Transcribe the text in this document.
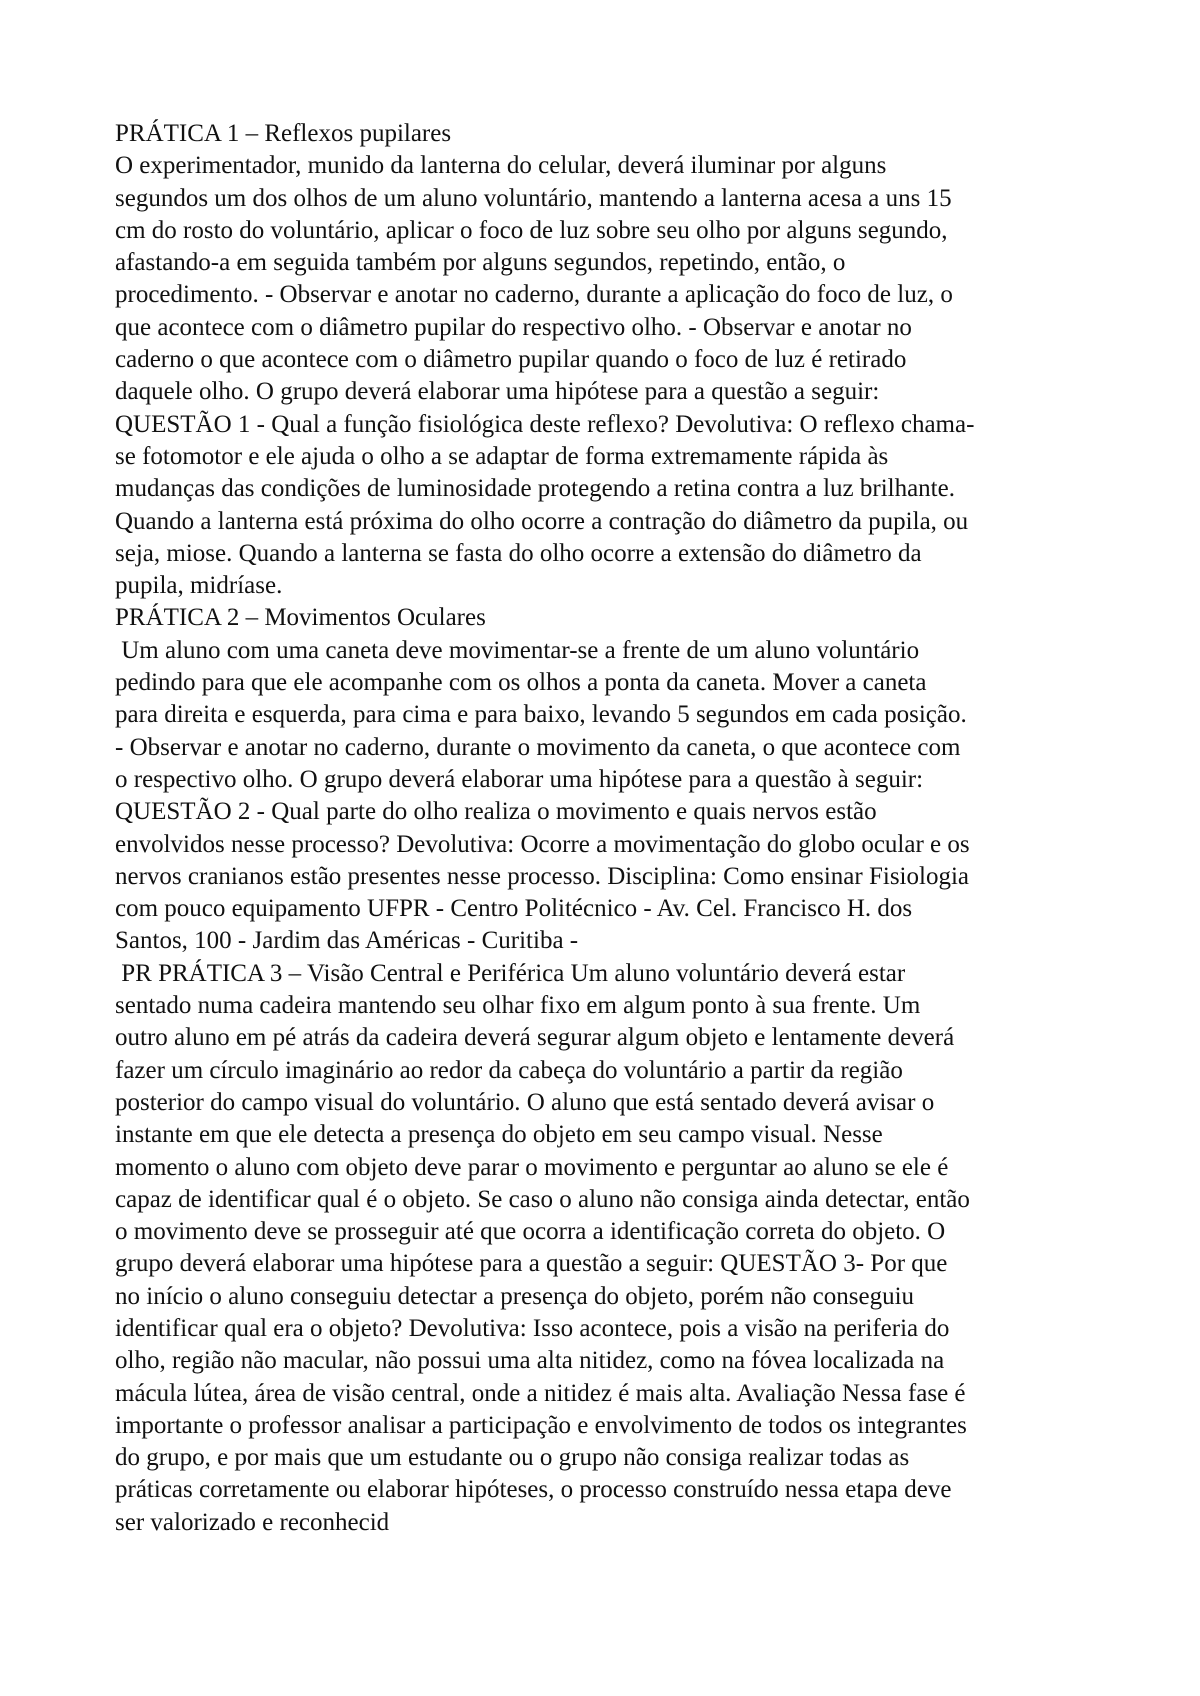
PRÁTICA 1 – Reflexos pupilares
O experimentador, munido da lanterna do celular, deverá iluminar por alguns
segundos um dos olhos de um aluno voluntário, mantendo a lanterna acesa a uns 15
cm do rosto do voluntário, aplicar o foco de luz sobre seu olho por alguns segundo,
afastando-a em seguida também por alguns segundos, repetindo, então, o
procedimento. - Observar e anotar no caderno, durante a aplicação do foco de luz, o
que acontece com o diâmetro pupilar do respectivo olho. - Observar e anotar no
caderno o que acontece com o diâmetro pupilar quando o foco de luz é retirado
daquele olho. O grupo deverá elaborar uma hipótese para a questão a seguir:
QUESTÃO 1 - Qual a função fisiológica deste reflexo? Devolutiva: O reflexo chama-
se fotomotor e ele ajuda o olho a se adaptar de forma extremamente rápida às
mudanças das condições de luminosidade protegendo a retina contra a luz brilhante.
Quando a lanterna está próxima do olho ocorre a contração do diâmetro da pupila, ou
seja, miose. Quando a lanterna se fasta do olho ocorre a extensão do diâmetro da
pupila, midríase.
PRÁTICA 2 – Movimentos Oculares
Um aluno com uma caneta deve movimentar-se a frente de um aluno voluntário
pedindo para que ele acompanhe com os olhos a ponta da caneta. Mover a caneta
para direita e esquerda, para cima e para baixo, levando 5 segundos em cada posição.
- Observar e anotar no caderno, durante o movimento da caneta, o que acontece com
o respectivo olho. O grupo deverá elaborar uma hipótese para a questão à seguir:
QUESTÃO 2 - Qual parte do olho realiza o movimento e quais nervos estão
envolvidos nesse processo? Devolutiva: Ocorre a movimentação do globo ocular e os
nervos cranianos estão presentes nesse processo. Disciplina: Como ensinar Fisiologia
com pouco equipamento UFPR - Centro Politécnico - Av. Cel. Francisco H. dos
Santos, 100 - Jardim das Américas - Curitiba -
PR PRÁTICA 3 – Visão Central e Periférica Um aluno voluntário deverá estar
sentado numa cadeira mantendo seu olhar fixo em algum ponto à sua frente. Um
outro aluno em pé atrás da cadeira deverá segurar algum objeto e lentamente deverá
fazer um círculo imaginário ao redor da cabeça do voluntário a partir da região
posterior do campo visual do voluntário. O aluno que está sentado deverá avisar o
instante em que ele detecta a presença do objeto em seu campo visual. Nesse
momento o aluno com objeto deve parar o movimento e perguntar ao aluno se ele é
capaz de identificar qual é o objeto. Se caso o aluno não consiga ainda detectar, então
o movimento deve se prosseguir até que ocorra a identificação correta do objeto. O
grupo deverá elaborar uma hipótese para a questão a seguir: QUESTÃO 3- Por que
no início o aluno conseguiu detectar a presença do objeto, porém não conseguiu
identificar qual era o objeto? Devolutiva: Isso acontece, pois a visão na periferia do
olho, região não macular, não possui uma alta nitidez, como na fóvea localizada na
mácula lútea, área de visão central, onde a nitidez é mais alta. Avaliação Nessa fase é
importante o professor analisar a participação e envolvimento de todos os integrantes
do grupo, e por mais que um estudante ou o grupo não consiga realizar todas as
práticas corretamente ou elaborar hipóteses, o processo construído nessa etapa deve
ser valorizado e reconhecid
